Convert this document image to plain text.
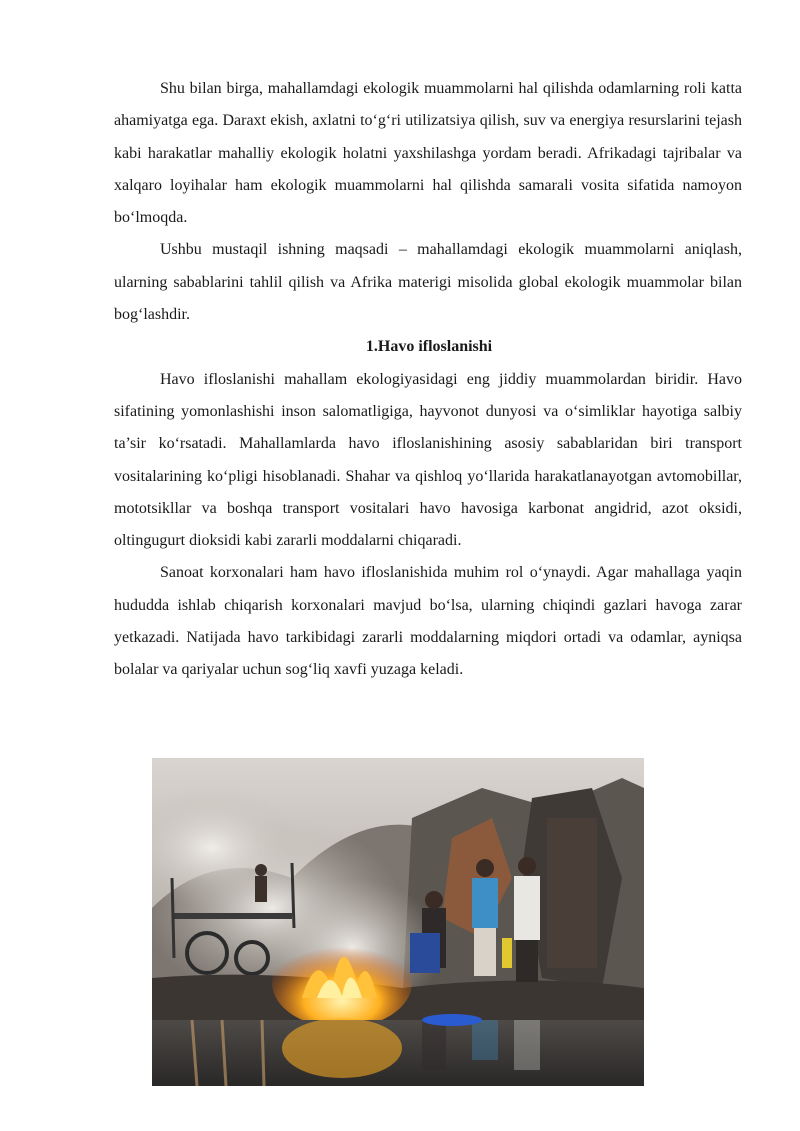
Shu bilan birga, mahallamdagi ekologik muammolarni hal qilishda odamlarning roli katta ahamiyatga ega. Daraxt ekish, axlatni to‘g‘ri utilizatsiya qilish, suv va energiya resurslarini tejash kabi harakatlar mahalliy ekologik holatni yaxshilashga yordam beradi. Afrikadagi tajribalar va xalqaro loyihalar ham ekologik muammolarni hal qilishda samarali vosita sifatida namoyon bo‘lmoqda.

Ushbu mustaqil ishning maqsadi – mahallamdagi ekologik muammolarni aniqlash, ularning sabablarini tahlil qilish va Afrika materigi misolida global ekologik muammolar bilan bog‘lashdir.

1.Havo ifloslanishi

Havo ifloslanishi mahallam ekologiyasidagi eng jiddiy muammolardan biridir. Havo sifatining yomonlashishi inson salomatligiga, hayvonot dunyosi va o‘simliklar hayotiga salbiy ta’sir ko‘rsatadi. Mahallamlarda havo ifloslanishining asosiy sabablaridan biri transport vositalarining ko‘pligi hisoblanadi. Shahar va qishloq yo‘llarida harakatlanayotgan avtomobillar, mototsikllar va boshqa transport vositalari havo havosiga karbonat angidrid, azot oksidi, oltingugurt dioksidi kabi zararli moddalarni chiqaradi.

Sanoat korxonalari ham havo ifloslanishida muhim rol o‘ynaydi. Agar mahallaga yaqin hududda ishlab chiqarish korxonalari mavjud bo‘lsa, ularning chiqindi gazlari havoga zarar yetkazadi. Natijada havo tarkibidagi zararli moddalarning miqdori ortadi va odamlar, ayniqsa bolalar va qariyalar uchun sog‘liq xavfi yuzaga keladi.
